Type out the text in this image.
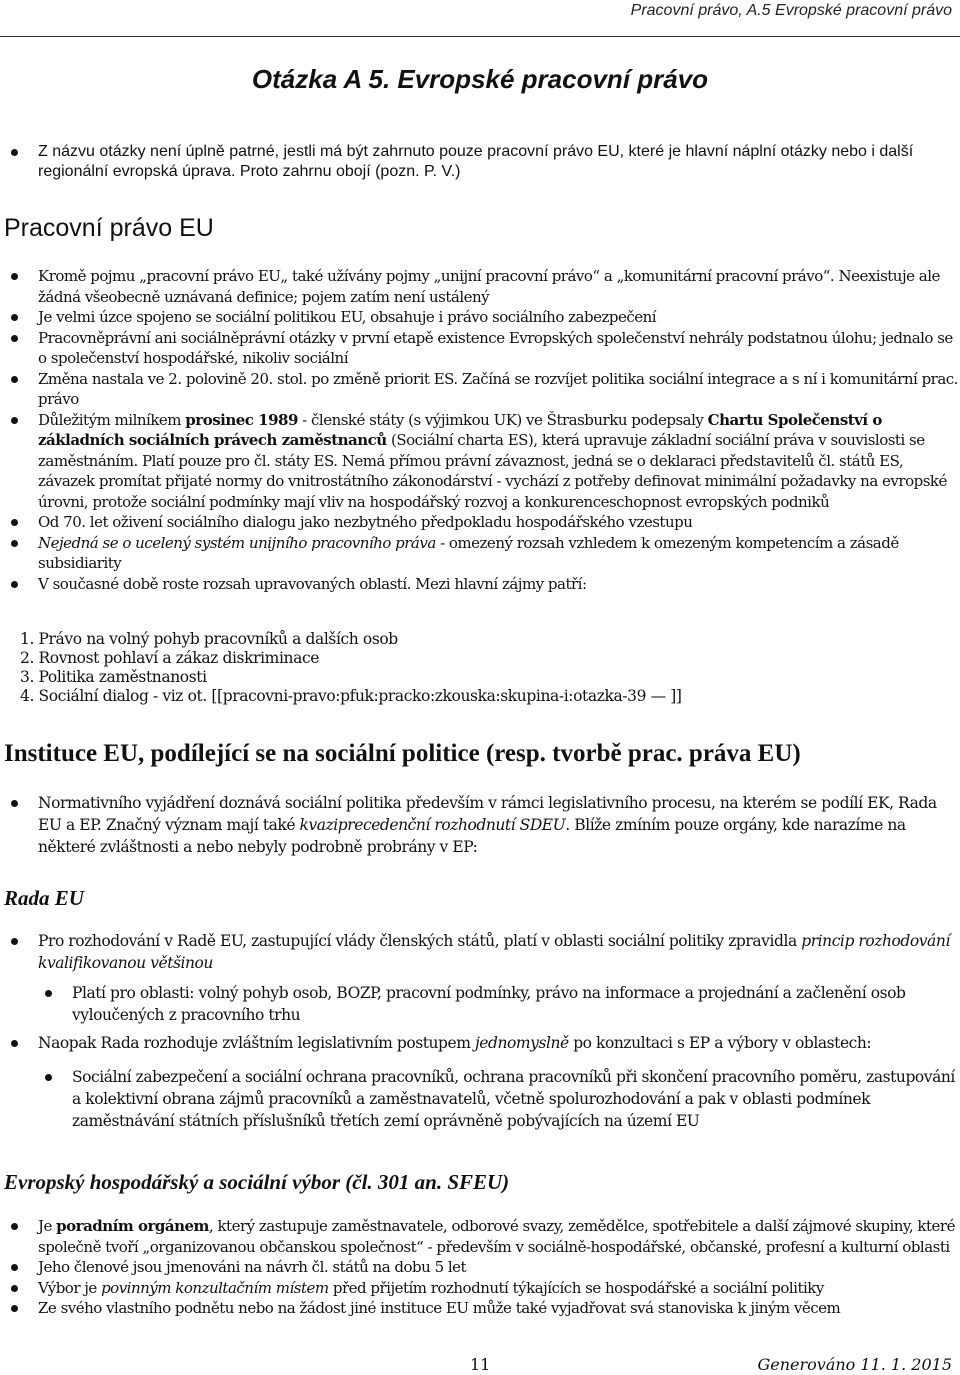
Pracovní právo, A.5 Evropské pracovní právo
Otázka A 5. Evropské pracovní právo
Z názvu otázky není úplně patrné, jestli má být zahrnuto pouze pracovní právo EU, které je hlavní náplní otázky nebo i další regionální evropská úprava. Proto zahrnu obojí (pozn. P. V.)
Pracovní právo EU
Kromě pojmu „pracovní právo EU„ také užívány pojmy „unijní pracovní právo“ a „komunitární pracovní právo“. Neexistuje ale žádná všeobecně uznávaná definice; pojem zatím není ustálený
Je velmi úzce spojeno se sociální politikou EU, obsahuje i právo sociálního zabezpečení
Pracovněprávní ani sociálněprávní otázky v první etapě existence Evropských společenství nehrály podstatnou úlohu; jednalo se o společenství hospodářské, nikoliv sociální
Změna nastala ve 2. polovině 20. stol. po změně priorit ES. Začíná se rozvíjet politika sociální integrace a s ní i komunitární prac. právo
Důležitým milníkem prosinec 1989 - členské státy (s výjimkou UK) ve Štrasburku podepsaly Chartu Společenství o základních sociálních právech zaměstnanců (Sociální charta ES), která upravuje základní sociální práva v souvislosti se zaměstnáním. Platí pouze pro čl. státy ES. Nemá přímou právní závaznost, jedná se o deklaraci představitelů čl. států ES, závazek promítat přijaté normy do vnitrostátního zákonodárství - vychází z potřeby definovat minimální požadavky na evropské úrovni, protože sociální podmínky mají vliv na hospodářský rozvoj a konkurenceschopnost evropských podniků
Od 70. let oživení sociálního dialogu jako nezbytného předpokladu hospodářského vzestupu
Nejedná se o ucelený systém unijního pracovního práva - omezený rozsah vzhledem k omezeným kompetencím a zásadě subsidiarity
V současné době roste rozsah upravovaných oblastí. Mezi hlavní zájmy patří:
1. Právo na volný pohyb pracovníků a dalších osob
2. Rovnost pohlaví a zákaz diskriminace
3. Politika zaměstnanosti
4. Sociální dialog - viz ot. [[pracovni-pravo:pfuk:pracko:zkouska:skupina-i:otazka-39 — ]]
Instituce EU, podílející se na sociální politice (resp. tvorbě prac. práva EU)
Normativního vyjádření doznává sociální politika především v rámci legislativního procesu, na kterém se podílí EK, Rada EU a EP. Značný význam mají také kvaziprecedenční rozhodnutí SDEU. Blíže zmíním pouze orgány, kde narazíme na některé zvláštnosti a nebo nebyly podrobně probrány v EP:
Rada EU
Pro rozhodování v Radě EU, zastupující vlády členských států, platí v oblasti sociální politiky zpravidla princip rozhodování kvalifikovanou většinou
Platí pro oblasti: volný pohyb osob, BOZP, pracovní podmínky, právo na informace a projednání a začlenění osob vyloučených z pracovního trhu
Naopak Rada rozhoduje zvláštním legislativním postupem jednomyslně po konzultaci s EP a výbory v oblastech:
Sociální zabezpečení a sociální ochrana pracovníků, ochrana pracovníků při skončení pracovního poměru, zastupování a kolektivní obrana zájmů pracovníků a zaměstnavatelů, včetně spolurozhodování a pak v oblasti podmínek zaměstnávání státních příslušníků třetích zemí oprávněně pobývajících na území EU
Evropský hospodářský a sociální výbor (čl. 301 an. SFEU)
Je poradním orgánem, který zastupuje zaměstnavatele, odborové svazy, zemědělce, spotřebitele a další zájmové skupiny, které společně tvoří „organizovanou občanskou společnost“ - především v sociálně-hospodářské, občanské, profesní a kulturní oblasti
Jeho členové jsou jmenováni na návrh čl. států na dobu 5 let
Výbor je povinným konzultačním místem před přijetím rozhodnutí týkajících se hospodářské a sociální politiky
Ze svého vlastního podnětu nebo na žádost jiné instituce EU může také vyjadřovat svá stanoviska k jiným věcem
11	Generováno 11. 1. 2015
